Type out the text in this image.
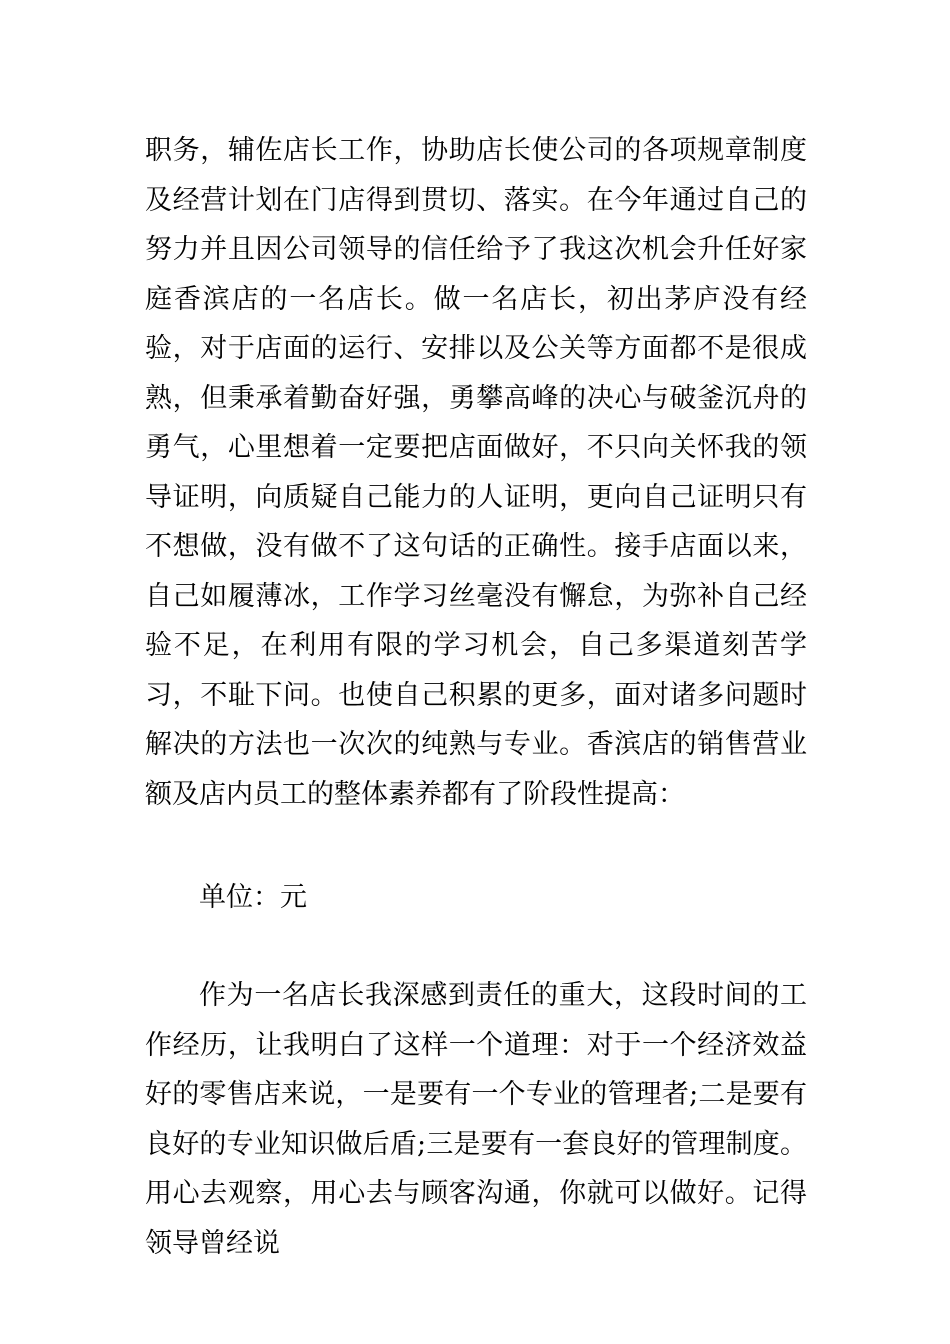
职务，辅佐店长工作，协助店长使公司的各项规章制度及经营计划在门店得到贯切、落实。在今年通过自己的努力并且因公司领导的信任给予了我这次机会升任好家庭香滨店的一名店长。做一名店长，初出茅庐没有经验，对于店面的运行、安排以及公关等方面都不是很成熟，但秉承着勤奋好强，勇攀高峰的决心与破釜沉舟的勇气，心里想着一定要把店面做好，不只向关怀我的领导证明，向质疑自己能力的人证明，更向自己证明只有不想做，没有做不了这句话的正确性。接手店面以来，自己如履薄冰，工作学习丝毫没有懈怠，为弥补自己经验不足，在利用有限的学习机会，自己多渠道刻苦学习，不耻下问。也使自己积累的更多，面对诸多问题时解决的方法也一次次的纯熟与专业。香滨店的销售营业额及店内员工的整体素养都有了阶段性提高：

单位：元

作为一名店长我深感到责任的重大，这段时间的工作经历，让我明白了这样一个道理：对于一个经济效益好的零售店来说，一是要有一个专业的管理者;二是要有良好的专业知识做后盾;三是要有一套良好的管理制度。用心去观察，用心去与顾客沟通，你就可以做好。记得领导曾经说
